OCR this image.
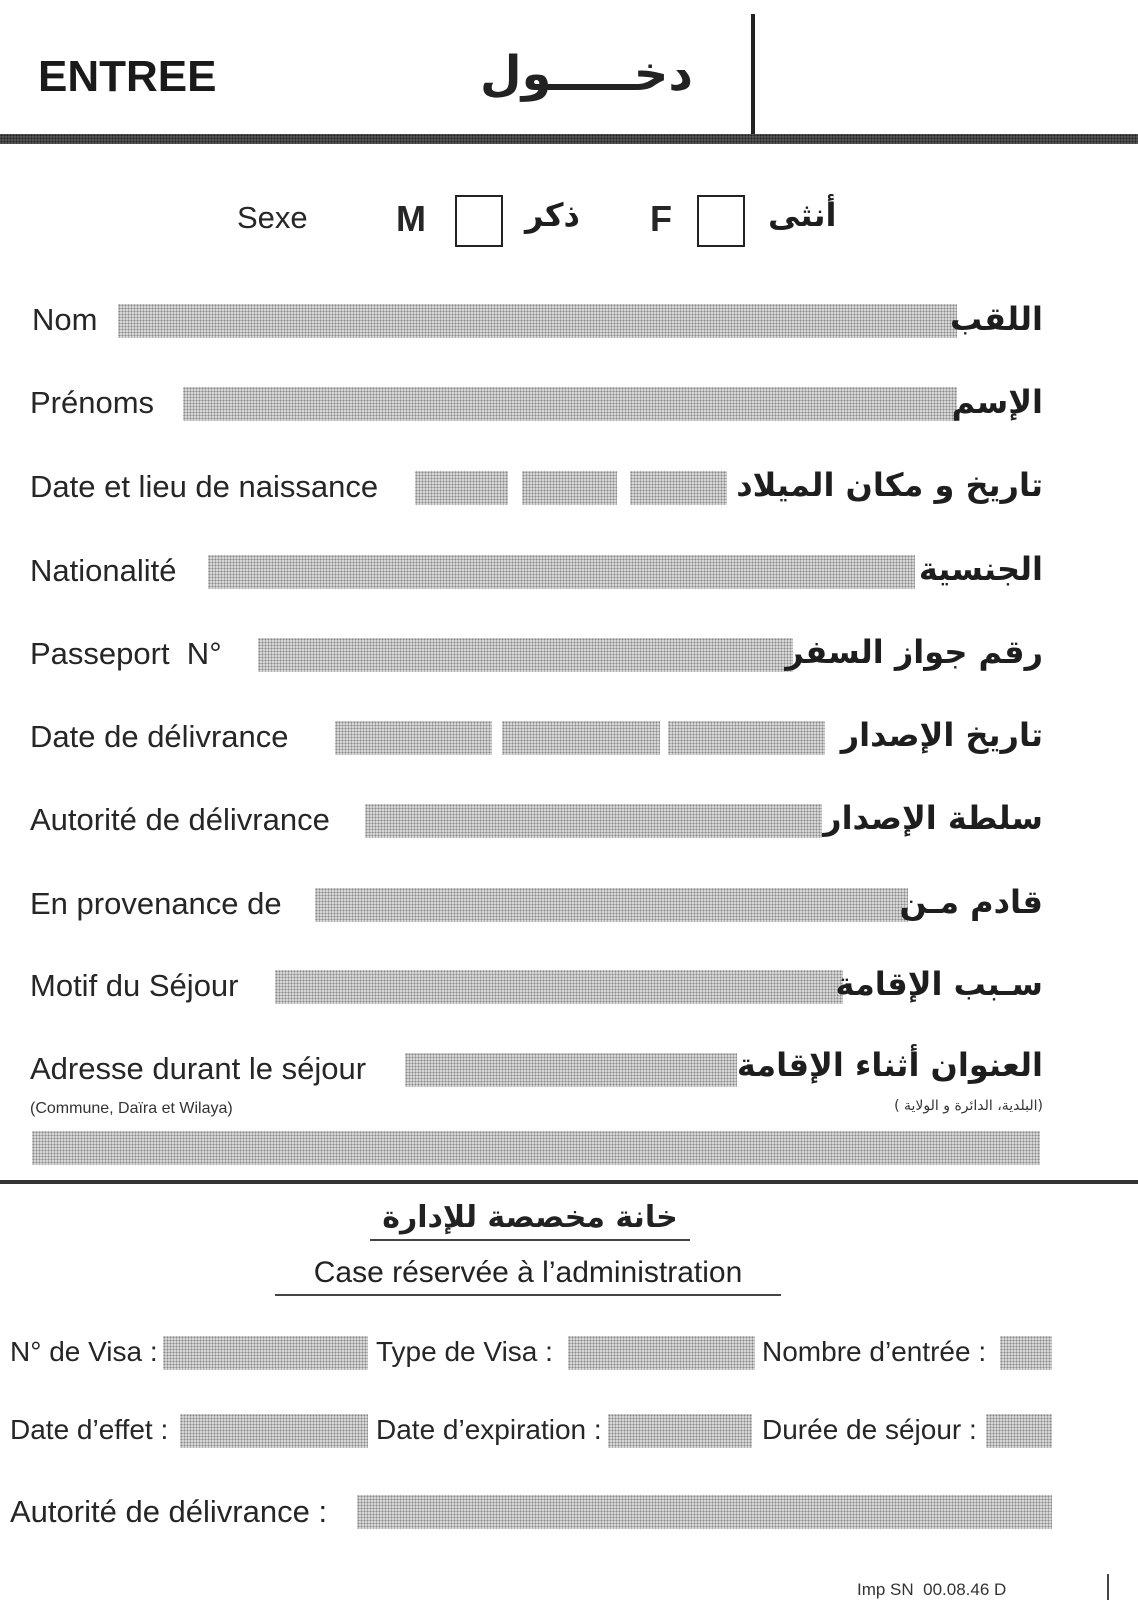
ENTREE	دخـــــول
Sexe M	ذكر F	أنثى
Nom	اللقب
Prénoms	الإسم
Date et lieu de naissance	تاريخ و مكان الميلاد
Nationalité	الجنسية
Passeport  N°	رقم جواز السفر
Date de délivrance	تاريخ الإصدار
Autorité de délivrance	سلطة الإصدار
En provenance de	قادم مـن
Motif du Séjour	سـبب الإقامة
Adresse durant le séjour	العنوان أثناء الإقامة
(Commune, Daïra et Wilaya)	(البلدية، الدائرة و الولاية )
خانة مخصصة للإدارة
Case réservée à l’administration
N° de Visa :	Type de Visa :	Nombre d’entrée :
Date d’effet :	Date d’expiration :	Durée de séjour :
Autorité de délivrance :
Imp SN  00.08.46 D
